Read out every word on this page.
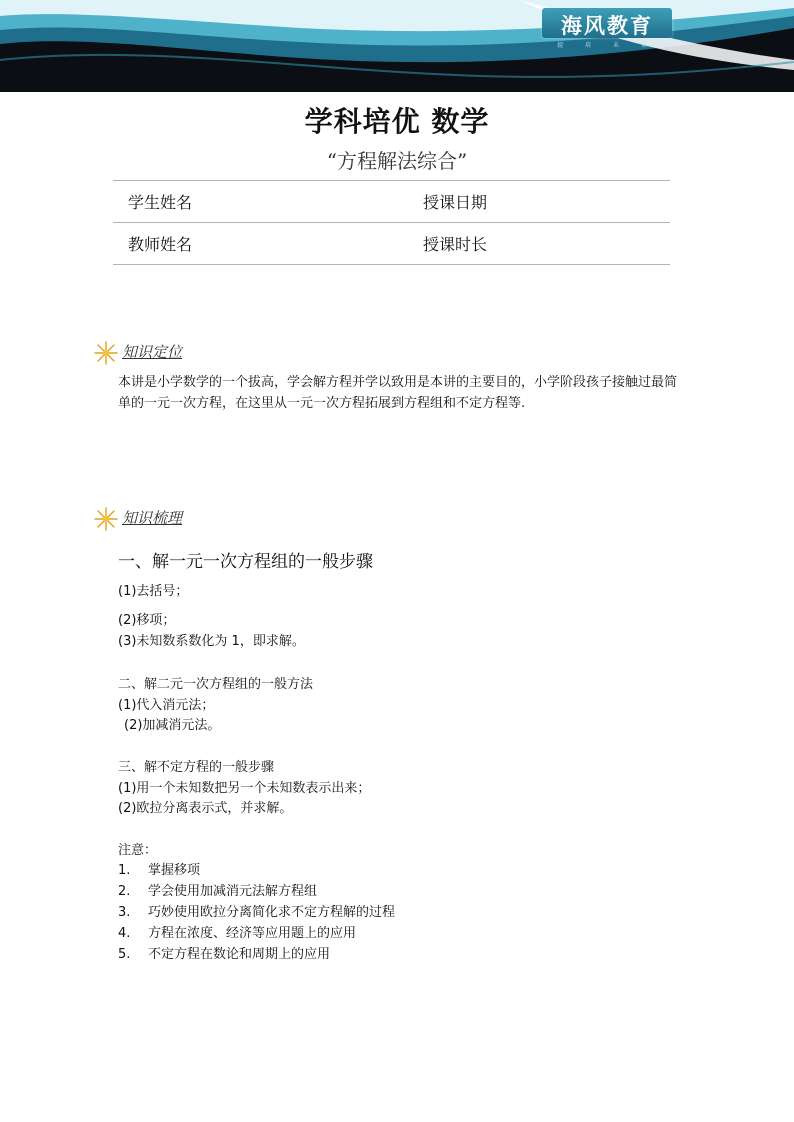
海风教育
提 培 未 来
学科培优 数学
“方程解法综合”
学生姓名	授课日期
教师姓名	授课时长
知识定位
本讲是小学数学的一个拔高，学会解方程并学以致用是本讲的主要目的，小学阶段孩子接触过最简单的一元一次方程，在这里从一元一次方程拓展到方程组和不定方程等.
知识梳理
一、解一元一次方程组的一般步骤
(1)去括号；
(2)移项；
(3)未知数系数化为 1，即求解。
二、解二元一次方程组的一般方法
(1)代入消元法；
(2)加减消元法。
三、解不定方程的一般步骤
(1)用一个未知数把另一个未知数表示出来；
(2)欧拉分离表示式，并求解。
注意：
1. 掌握移项
2. 学会使用加减消元法解方程组
3. 巧妙使用欧拉分离简化求不定方程解的过程
4. 方程在浓度、经济等应用题上的应用
5. 不定方程在数论和周期上的应用
